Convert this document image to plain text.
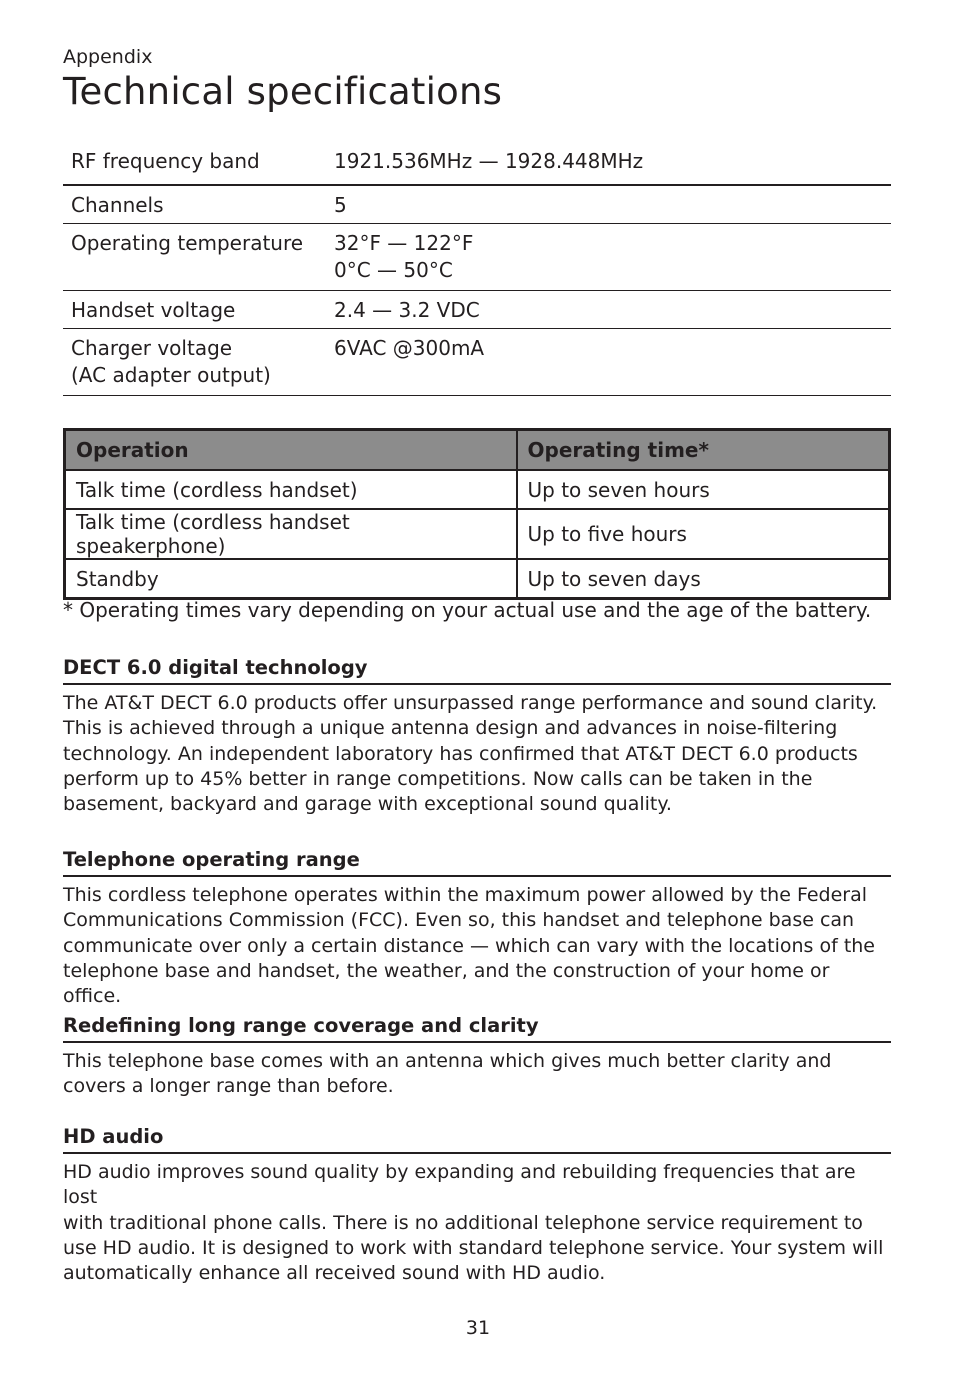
Appendix
Technical specifications
RF frequency band	1921.536MHz — 1928.448MHz
Channels	5
Operating temperature	32°F — 122°F
0°C — 50°C

Handset voltage	2.4 — 3.2 VDC

Charger voltage
(AC adapter output)	6VAC @300mA
Operation	Operating time*
Talk time (cordless handset)	Up to seven hours
Talk time (cordless handset speakerphone)	Up to five hours
Standby	Up to seven days
* Operating times vary depending on your actual use and the age of the battery.
DECT 6.0 digital technology

The AT&T DECT 6.0 products offer unsurpassed range performance and sound clarity.
This is achieved through a unique antenna design and advances in noise-filtering
technology. An independent laboratory has confirmed that AT&T DECT 6.0 products
perform up to 45% better in range competitions. Now calls can be taken in the
basement, backyard and garage with exceptional sound quality.

Telephone operating range

This cordless telephone operates within the maximum power allowed by the Federal
Communications Commission (FCC). Even so, this handset and telephone base can
communicate over only a certain distance — which can vary with the locations of the
telephone base and handset, the weather, and the construction of your home or office.

Redefining long range coverage and clarity

This telephone base comes with an antenna which gives much better clarity and
covers a longer range than before.

HD audio

HD audio improves sound quality by expanding and rebuilding frequencies that are lost
with traditional phone calls. There is no additional telephone service requirement to
use HD audio. It is designed to work with standard telephone service. Your system will
automatically enhance all received sound with HD audio.

31
